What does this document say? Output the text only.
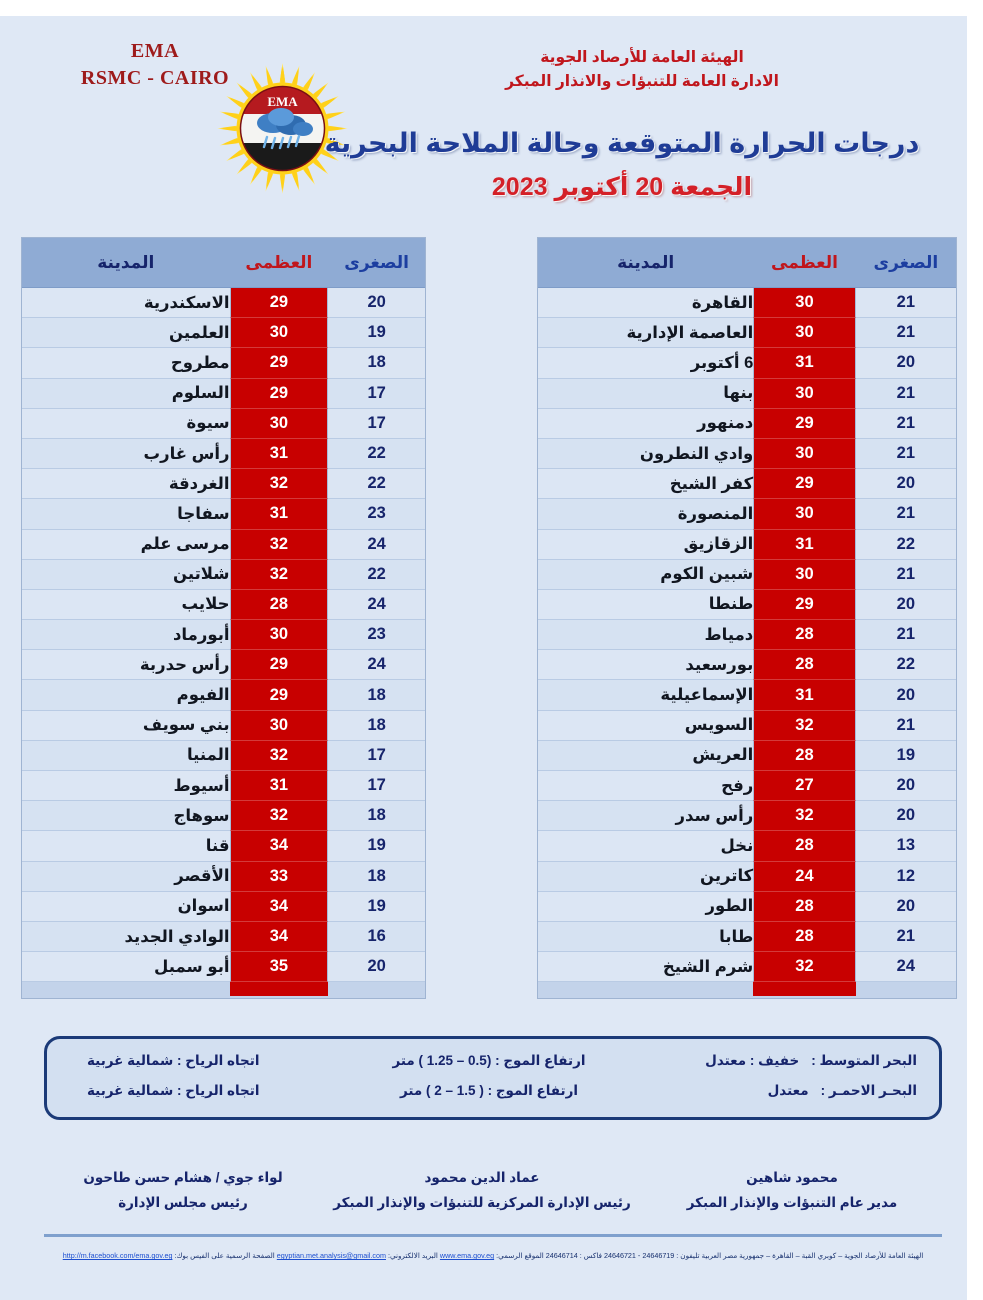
EMA
RSMC - CAIRO
EMA
الهيئة العامة للأرصاد الجوية
الادارة العامة للتنبؤات والانذار المبكر
درجات الحرارة المتوقعة وحالة الملاحة البحرية
الجمعة 20 أكتوبر 2023
الصغرى	العظمى	المدينة
20	29	الاسكندرية
19	30	العلمين
18	29	مطروح
17	29	السلوم
17	30	سيوة
22	31	رأس غارب
22	32	الغردقة
23	31	سفاجا
24	32	مرسى علم
22	32	شلاتين
24	28	حلايب
23	30	أبورماد
24	29	رأس حدربة
18	29	الفيوم
18	30	بني سويف
17	32	المنيا
17	31	أسيوط
18	32	سوهاج
19	34	قنا
18	33	الأقصر
19	34	اسوان
16	34	الوادي الجديد
20	35	أبو سمبل
الصغرى	العظمى	المدينة
21	30	القاهرة
21	30	العاصمة الإدارية
20	31	6 أكتوبر
21	30	بنها
21	29	دمنهور
21	30	وادي النطرون
20	29	كفر الشيخ
21	30	المنصورة
22	31	الزقازيق
21	30	شبين الكوم
20	29	طنطا
21	28	دمياط
22	28	بورسعيد
20	31	الإسماعيلية
21	32	السويس
19	28	العريش
20	27	رفح
20	32	رأس سدر
13	28	نخل
12	24	كاترين
20	28	الطور
21	28	طابا
24	32	شرم الشيخ
البحر المتوسط :خفيف : معتدل
ارتفاع الموج : (0.5 – 1.25 ) متر
اتجاه الرياح : شمالية غربية
البحـر الاحمـر :معتدل
ارتفاع الموج : ( 1.5 – 2 ) متر
اتجاه الرياح : شمالية غربية
محمود شاهين
مدير عام التنبؤات والإنذار المبكر
عماد الدين محمود
رئيس الإدارة المركزية للتنبؤات والإنذار المبكر
لواء جوي / هشام حسن طاحون
رئيس مجلس الإدارة
الهيئة العامة للأرصاد الجوية – كوبري القبة – القاهرة – جمهورية مصر العربية تليفون : 24646719 - 24646721 فاكس : 24646714 الموقع الرسمي: www.ema.gov.eg البريد الالكتروني: egyptian.met.analysis@gmail.com الصفحة الرسمية على الفيس بوك: http://m.facebook.com/ema.gov.eg
